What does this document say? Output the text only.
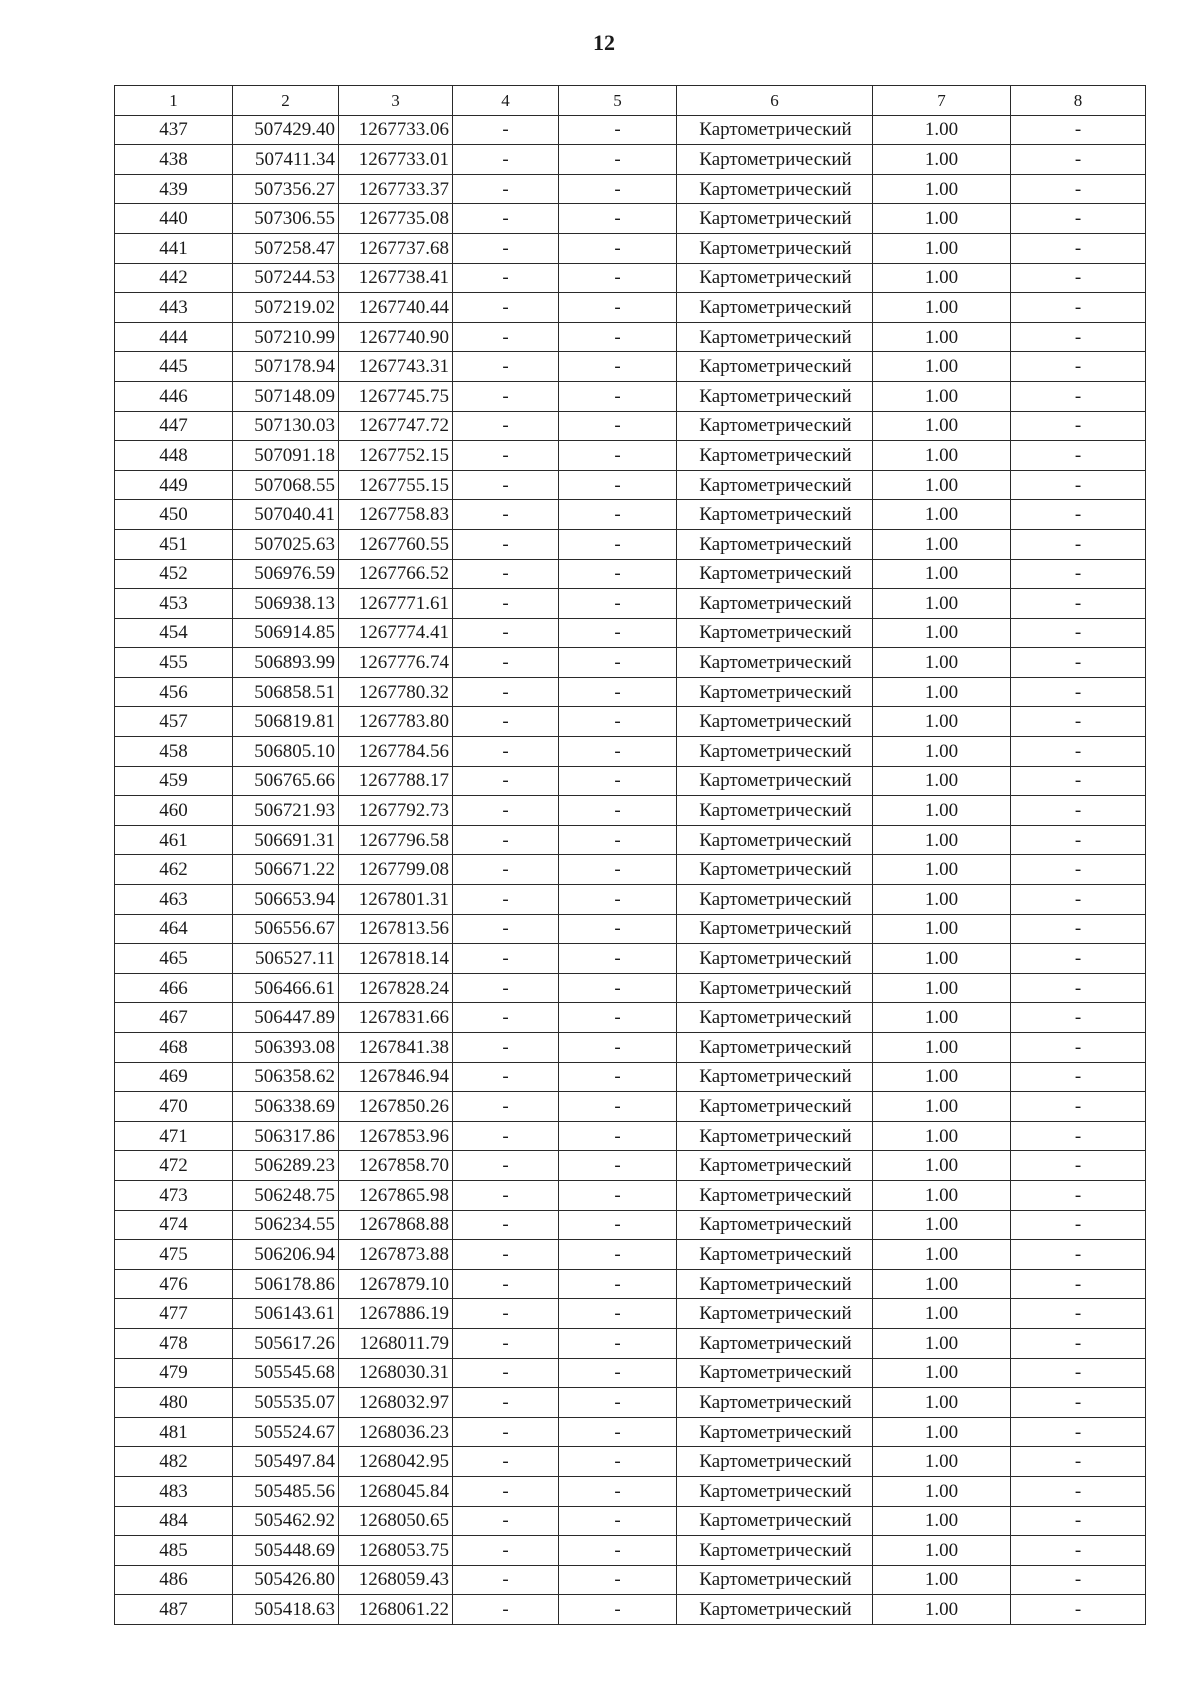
12
1	2	3	4	5	6	7	8
437	507429.40	1267733.06	-	-	Картометрический	1.00	-
438	507411.34	1267733.01	-	-	Картометрический	1.00	-
439	507356.27	1267733.37	-	-	Картометрический	1.00	-
440	507306.55	1267735.08	-	-	Картометрический	1.00	-
441	507258.47	1267737.68	-	-	Картометрический	1.00	-
442	507244.53	1267738.41	-	-	Картометрический	1.00	-
443	507219.02	1267740.44	-	-	Картометрический	1.00	-
444	507210.99	1267740.90	-	-	Картометрический	1.00	-
445	507178.94	1267743.31	-	-	Картометрический	1.00	-
446	507148.09	1267745.75	-	-	Картометрический	1.00	-
447	507130.03	1267747.72	-	-	Картометрический	1.00	-
448	507091.18	1267752.15	-	-	Картометрический	1.00	-
449	507068.55	1267755.15	-	-	Картометрический	1.00	-
450	507040.41	1267758.83	-	-	Картометрический	1.00	-
451	507025.63	1267760.55	-	-	Картометрический	1.00	-
452	506976.59	1267766.52	-	-	Картометрический	1.00	-
453	506938.13	1267771.61	-	-	Картометрический	1.00	-
454	506914.85	1267774.41	-	-	Картометрический	1.00	-
455	506893.99	1267776.74	-	-	Картометрический	1.00	-
456	506858.51	1267780.32	-	-	Картометрический	1.00	-
457	506819.81	1267783.80	-	-	Картометрический	1.00	-
458	506805.10	1267784.56	-	-	Картометрический	1.00	-
459	506765.66	1267788.17	-	-	Картометрический	1.00	-
460	506721.93	1267792.73	-	-	Картометрический	1.00	-
461	506691.31	1267796.58	-	-	Картометрический	1.00	-
462	506671.22	1267799.08	-	-	Картометрический	1.00	-
463	506653.94	1267801.31	-	-	Картометрический	1.00	-
464	506556.67	1267813.56	-	-	Картометрический	1.00	-
465	506527.11	1267818.14	-	-	Картометрический	1.00	-
466	506466.61	1267828.24	-	-	Картометрический	1.00	-
467	506447.89	1267831.66	-	-	Картометрический	1.00	-
468	506393.08	1267841.38	-	-	Картометрический	1.00	-
469	506358.62	1267846.94	-	-	Картометрический	1.00	-
470	506338.69	1267850.26	-	-	Картометрический	1.00	-
471	506317.86	1267853.96	-	-	Картометрический	1.00	-
472	506289.23	1267858.70	-	-	Картометрический	1.00	-
473	506248.75	1267865.98	-	-	Картометрический	1.00	-
474	506234.55	1267868.88	-	-	Картометрический	1.00	-
475	506206.94	1267873.88	-	-	Картометрический	1.00	-
476	506178.86	1267879.10	-	-	Картометрический	1.00	-
477	506143.61	1267886.19	-	-	Картометрический	1.00	-
478	505617.26	1268011.79	-	-	Картометрический	1.00	-
479	505545.68	1268030.31	-	-	Картометрический	1.00	-
480	505535.07	1268032.97	-	-	Картометрический	1.00	-
481	505524.67	1268036.23	-	-	Картометрический	1.00	-
482	505497.84	1268042.95	-	-	Картометрический	1.00	-
483	505485.56	1268045.84	-	-	Картометрический	1.00	-
484	505462.92	1268050.65	-	-	Картометрический	1.00	-
485	505448.69	1268053.75	-	-	Картометрический	1.00	-
486	505426.80	1268059.43	-	-	Картометрический	1.00	-
487	505418.63	1268061.22	-	-	Картометрический	1.00	-
